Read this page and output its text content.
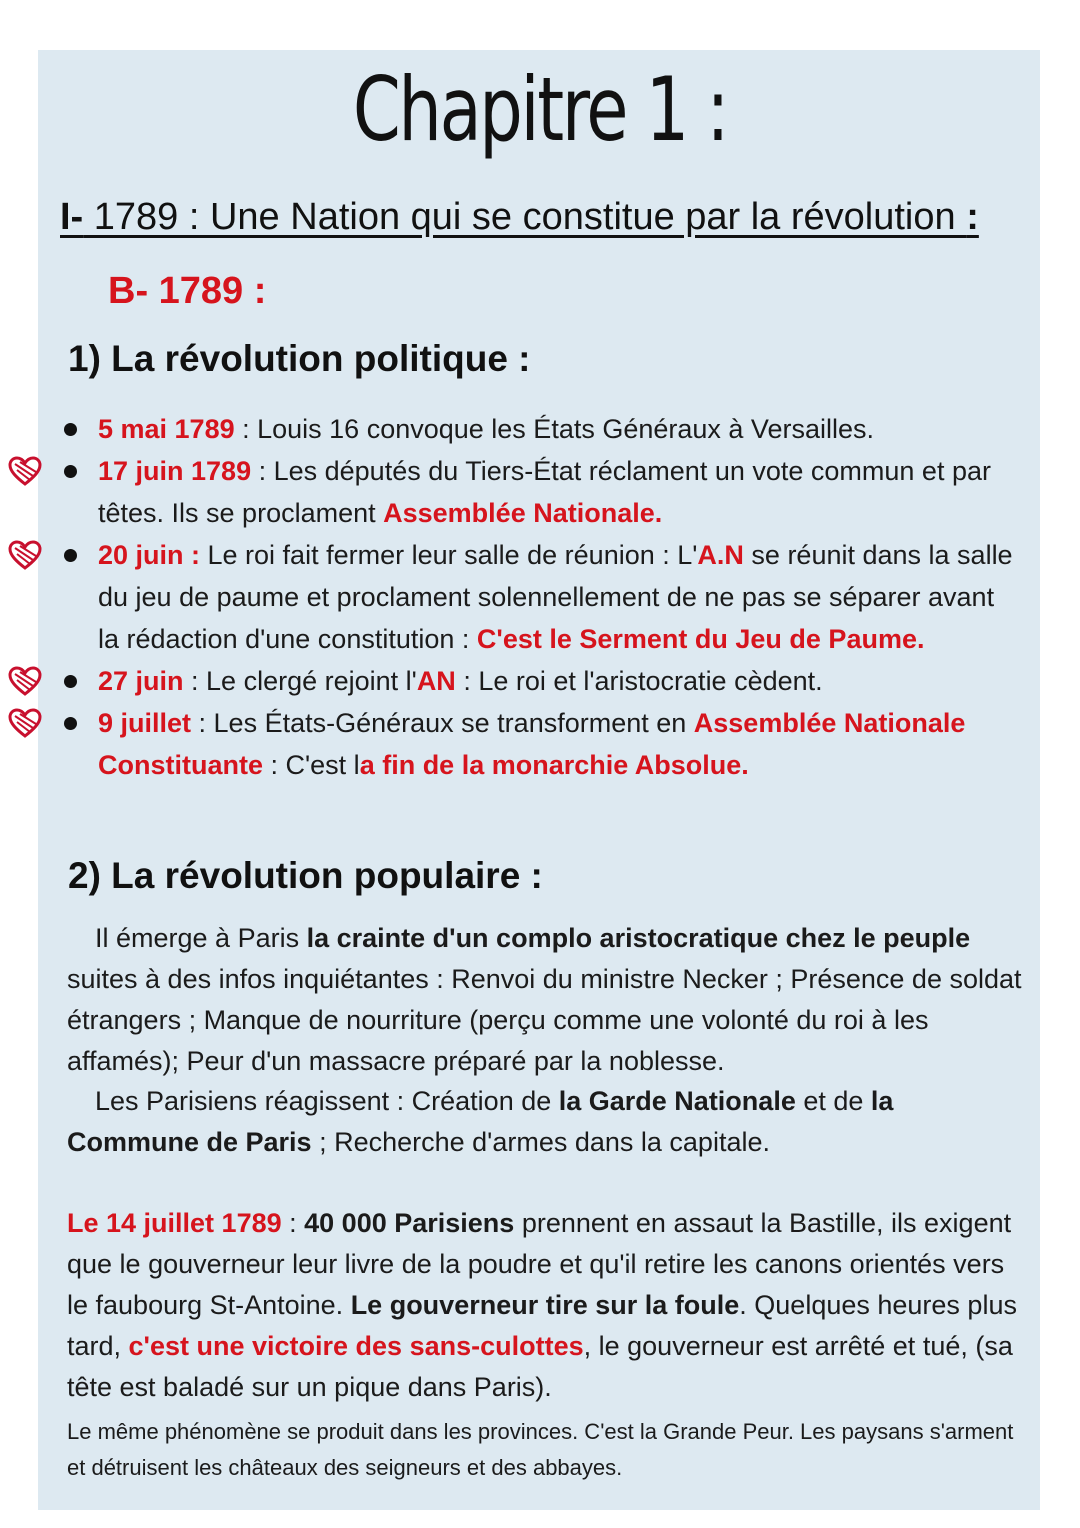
Chapitre 1 :
I- 1789 : Une Nation qui se constitue par la révolution :
B- 1789 :
1) La révolution politique :
5 mai 1789 : Louis 16 convoque les États Généraux à Versailles.
17 juin 1789 : Les députés du Tiers-État réclament un vote commun et par têtes. Ils se proclament Assemblée Nationale.
20 juin : Le roi fait fermer leur salle de réunion : L'A.N se réunit dans la salle du jeu de paume et proclament solennellement de ne pas se séparer avant la rédaction d'une constitution : C'est le Serment du Jeu de Paume.
27 juin : Le clergé rejoint l'AN : Le roi et l'aristocratie cèdent.
9 juillet : Les États-Généraux se transforment en Assemblée Nationale Constituante : C'est la fin de la monarchie Absolue.
2) La révolution populaire :
Il émerge à Paris la crainte d'un complo aristocratique chez le peuple suites à des infos inquiétantes : Renvoi du ministre Necker ; Présence de soldat étrangers ; Manque de nourriture (perçu comme une volonté du roi à les affamés); Peur d'un massacre préparé par la noblesse.
Les Parisiens réagissent : Création de la Garde Nationale et de la Commune de Paris ; Recherche d'armes dans la capitale.
Le 14 juillet 1789 : 40 000 Parisiens prennent en assaut la Bastille, ils exigent que le gouverneur leur livre de la poudre et qu'il retire les canons orientés vers le faubourg St-Antoine. Le gouverneur tire sur la foule. Quelques heures plus tard, c'est une victoire des sans-culottes, le gouverneur est arrêté et tué, (sa tête est baladé sur un pique dans Paris).
Le même phénomène se produit dans les provinces. C'est la Grande Peur. Les paysans s'arment et détruisent les châteaux des seigneurs et des abbayes.
